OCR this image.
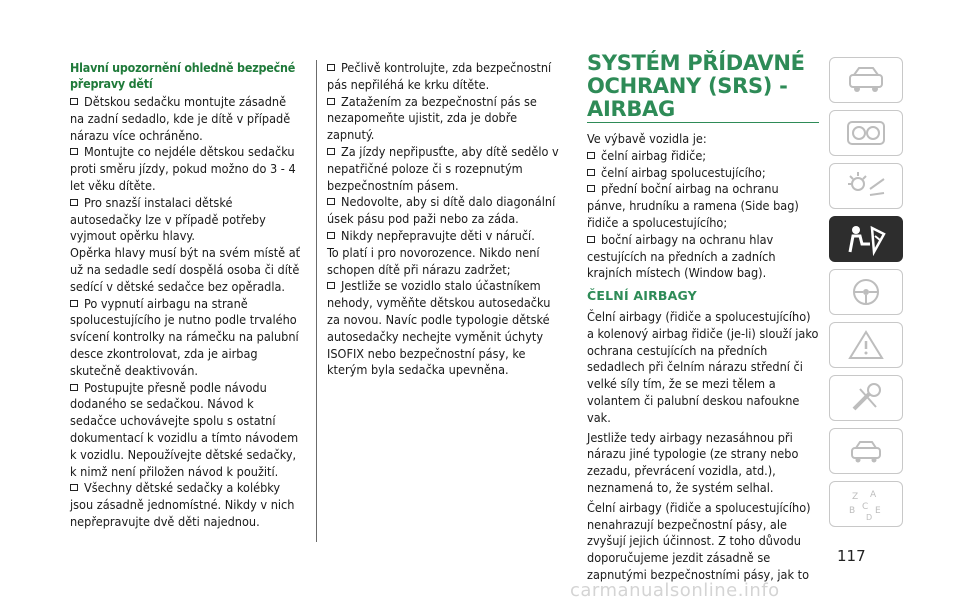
Hlavní upozornění ohledně bezpečné přepravy dětí
Dětskou sedačku montujte zásadně na zadní sedadlo, kde je dítě v případě nárazu více ochráněno.
Montujte co nejdéle dětskou sedačku proti směru jízdy, pokud možno do 3 - 4 let věku dítěte.
Pro snazší instalaci dětské autosedačky lze v případě potřeby vyjmout opěrku hlavy.
Opěrka hlavy musí být na svém místě ať už na sedadle sedí dospělá osoba či dítě sedící v dětské sedačce bez opěradla.
Po vypnutí airbagu na straně spolucestujícího je nutno podle trvalého svícení kontrolky na rámečku na palubní desce zkontrolovat, zda je airbag skutečně deaktivován.
Postupujte přesně podle návodu dodaného se sedačkou. Návod k sedačce uchovávejte spolu s ostatní dokumentací k vozidlu a tímto návodem k vozidlu. Nepoužívejte dětské sedačky, k nimž není přiložen návod k použití.
Všechny dětské sedačky a kolébky jsou zásadně jednomístné. Nikdy v nich nepřepravujte dvě děti najednou.
Pečlivě kontrolujte, zda bezpečnostní pás nepřiléhá ke krku dítěte.
Zatažením za bezpečnostní pás se nezapomeňte ujistit, zda je dobře zapnutý.
Za jízdy nepřipusťte, aby dítě sedělo v nepatřičné poloze či s rozepnutým bezpečnostním pásem.
Nedovolte, aby si dítě dalo diagonální úsek pásu pod paži nebo za záda.
Nikdy nepřepravujte děti v náručí.
To platí i pro novorozence. Nikdo není schopen dítě při nárazu zadržet;
Jestliže se vozidlo stalo účastníkem nehody, vyměňte dětskou autosedačku za novou. Navíc podle typologie dětské autosedačky nechejte vyměnit úchyty ISOFIX nebo bezpečnostní pásy, ke kterým byla sedačka upevněna.
SYSTÉM PŘÍDAVNÉ
OCHRANY (SRS) - AIRBAG
Ve výbavě vozidla je:
čelní airbag řidiče;
čelní airbag spolucestujícího;
přední boční airbag na ochranu pánve, hrudníku a ramena (Side bag) řidiče a spolucestujícího;
boční airbagy na ochranu hlav cestujících na předních a zadních krajních místech (Window bag).
ČELNÍ AIRBAGY
Čelní airbagy (řidiče a spolucestujícího) a kolenový airbag řidiče (je-li) slouží jako ochrana cestujících na předních sedadlech při čelním nárazu střední či velké síly tím, že se mezi tělem a volantem či palubní deskou nafoukne vak.
Jestliže tedy airbagy nezasáhnou při nárazu jiné typologie (ze strany nebo zezadu, převrácení vozidla, atd.), neznamená to, že systém selhal.
Čelní airbagy (řidiče a spolucestujícího) nenahrazují bezpečnostní pásy, ale zvyšují jejich účinnost. Z toho důvodu doporučujeme jezdit zásadně se zapnutými bezpečnostními pásy, jak to
Z A
B C E
D
117
carmanualsonline.info
